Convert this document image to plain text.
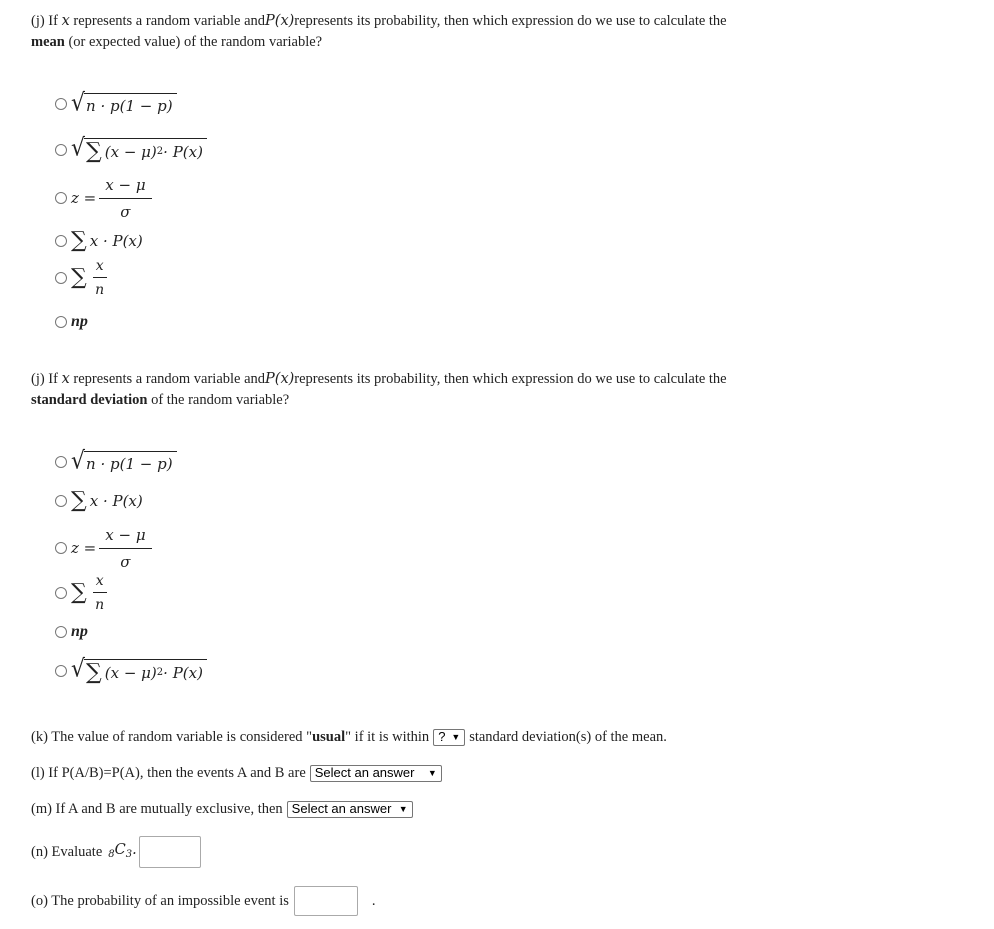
(j) If x represents a random variable andP(x)represents its probability, then which expression do we use to calculate the mean (or expected value) of the random variable?
√ n · p(1 − p)
√ ∑ (x − μ) 2 · P(x)
$z = \frac{x - \mu}{\sigma}$
∑ x · P(x)
∑ $\frac{x}{n}$
np
(j) If x represents a random variable andP(x)represents its probability, then which expression do we use to calculate the standard deviation of the random variable?
√ n · p(1 − p)
∑ x · P(x)
$z = \frac{x - \mu}{\sigma}$
∑ $\frac{x}{n}$
np
√ ∑ (x − μ) 2 · P(x)
(k) The value of random variable is considered " usual " if it is within ? ▼ standard deviation(s) of the mean.
(l) If P(A/B)=P(A), then the events A and B are Select an answer ▼
(m) If A and B are mutually exclusive, then Select an answer ▼
(n) Evaluate $_8C_3$.
(o) The probability of an impossible event is	.
